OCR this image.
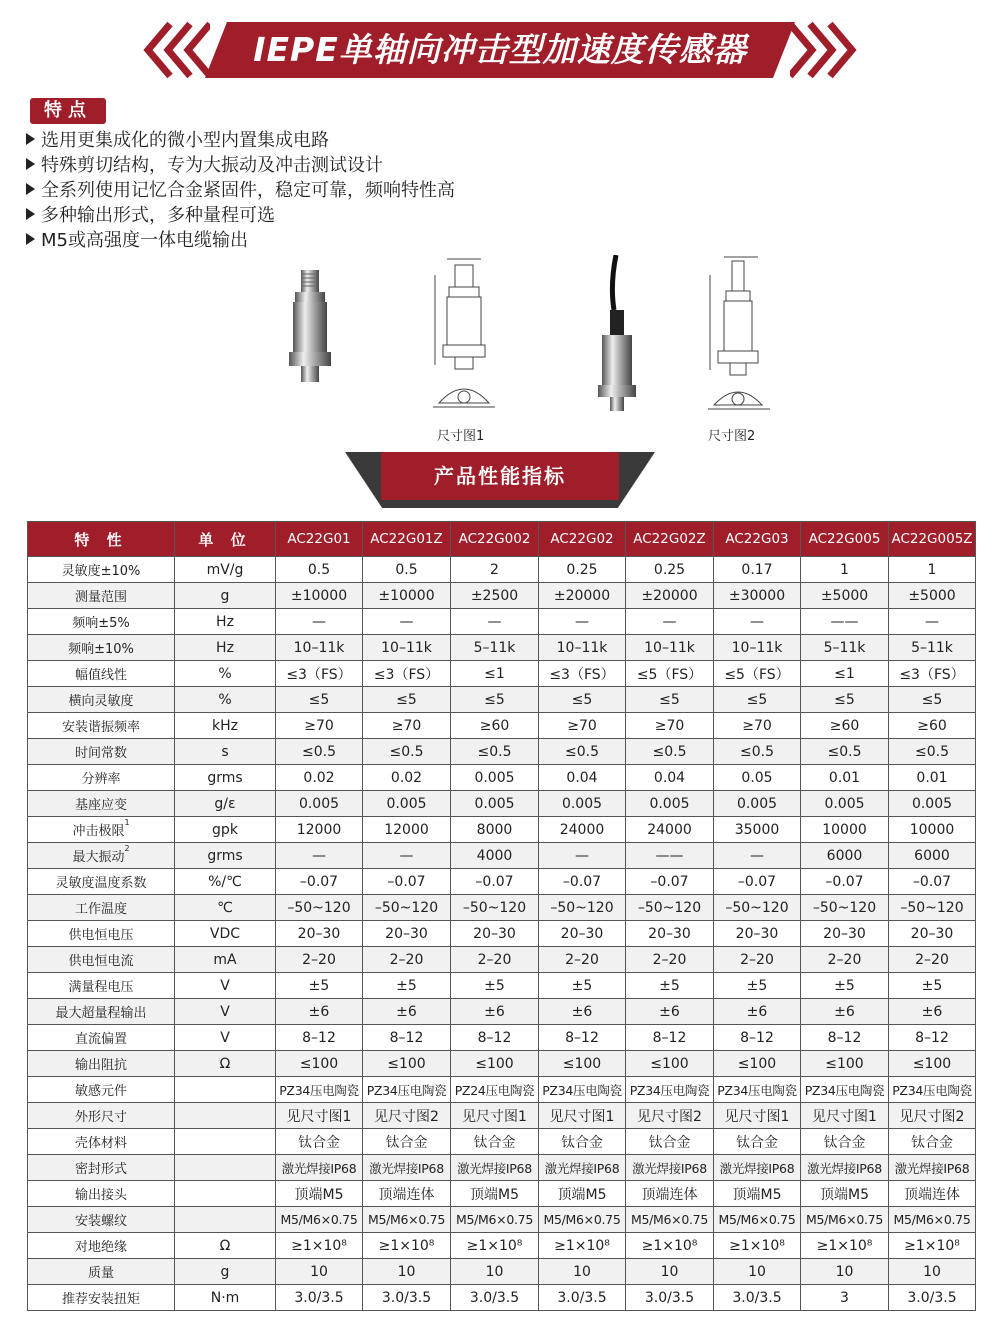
IEPE单轴向冲击型加速度传感器
特点
选用更集成化的微小型内置集成电路
特殊剪切结构，专为大振动及冲击测试设计
全系列使用记忆合金紧固件，稳定可靠，频响特性高
多种输出形式，多种量程可选
M5或高强度一体电缆输出
尺寸图1	尺寸图2
产品性能指标
特 性	单 位	AC22G01	AC22G01Z	AC22G002	AC22G02	AC22G02Z	AC22G03	AC22G005	AC22G005Z
灵敏度±10%	mV/g	0.5	0.5	2	0.25	0.25	0.17	1	1
测量范围	g	±10000	±10000	±2500	±20000	±20000	±30000	±5000	±5000
频响±5%	Hz	—	—	—	—	—	—	——	—
频响±10%	Hz	10–11k	10–11k	5–11k	10–11k	10–11k	10–11k	5–11k	5–11k
幅值线性	%	≤3（FS）	≤3（FS）	≤1	≤3（FS）	≤5（FS）	≤5（FS）	≤1	≤3（FS）
横向灵敏度	%	≤5	≤5	≤5	≤5	≤5	≤5	≤5	≤5
安装谐振频率	kHz	≥70	≥70	≥60	≥70	≥70	≥70	≥60	≥60
时间常数	s	≤0.5	≤0.5	≤0.5	≤0.5	≤0.5	≤0.5	≤0.5	≤0.5
分辨率	grms	0.02	0.02	0.005	0.04	0.04	0.05	0.01	0.01
基座应变	g/ε	0.005	0.005	0.005	0.005	0.005	0.005	0.005	0.005
冲击极限$^1$	gpk	12000	12000	8000	24000	24000	35000	10000	10000
最大振动$^2$	grms	—	—	4000	—	——	—	6000	6000
灵敏度温度系数	%/℃	–0.07	–0.07	–0.07	–0.07	–0.07	–0.07	–0.07	–0.07
工作温度	℃	–50~120	–50~120	–50~120	–50~120	–50~120	–50~120	–50~120	–50~120
供电恒电压	VDC	20–30	20–30	20–30	20–30	20–30	20–30	20–30	20–30
供电恒电流	mA	2–20	2–20	2–20	2–20	2–20	2–20	2–20	2–20
满量程电压	V	±5	±5	±5	±5	±5	±5	±5	±5
最大超量程输出	V	±6	±6	±6	±6	±6	±6	±6	±6
直流偏置	V	8–12	8–12	8–12	8–12	8–12	8–12	8–12	8–12
输出阻抗	Ω	≤100	≤100	≤100	≤100	≤100	≤100	≤100	≤100
敏感元件		PZ34压电陶瓷	PZ34压电陶瓷	PZ24压电陶瓷	PZ34压电陶瓷	PZ34压电陶瓷	PZ34压电陶瓷	PZ34压电陶瓷	PZ34压电陶瓷
外形尺寸		见尺寸图1	见尺寸图2	见尺寸图1	见尺寸图1	见尺寸图2	见尺寸图1	见尺寸图1	见尺寸图2
壳体材料		钛合金	钛合金	钛合金	钛合金	钛合金	钛合金	钛合金	钛合金
密封形式		激光焊接IP68	激光焊接IP68	激光焊接IP68	激光焊接IP68	激光焊接IP68	激光焊接IP68	激光焊接IP68	激光焊接IP68
输出接头		顶端M5	顶端连体	顶端M5	顶端M5	顶端连体	顶端M5	顶端M5	顶端连体
安装螺纹		M5/M6×0.75	M5/M6×0.75	M5/M6×0.75	M5/M6×0.75	M5/M6×0.75	M5/M6×0.75	M5/M6×0.75	M5/M6×0.75
对地绝缘	Ω	≥1×10⁸	≥1×10⁸	≥1×10⁸	≥1×10⁸	≥1×10⁸	≥1×10⁸	≥1×10⁸	≥1×10⁸
质量	g	10	10	10	10	10	10	10	10
推荐安装扭矩	N·m	3.0/3.5	3.0/3.5	3.0/3.5	3.0/3.5	3.0/3.5	3.0/3.5	3	3.0/3.5
